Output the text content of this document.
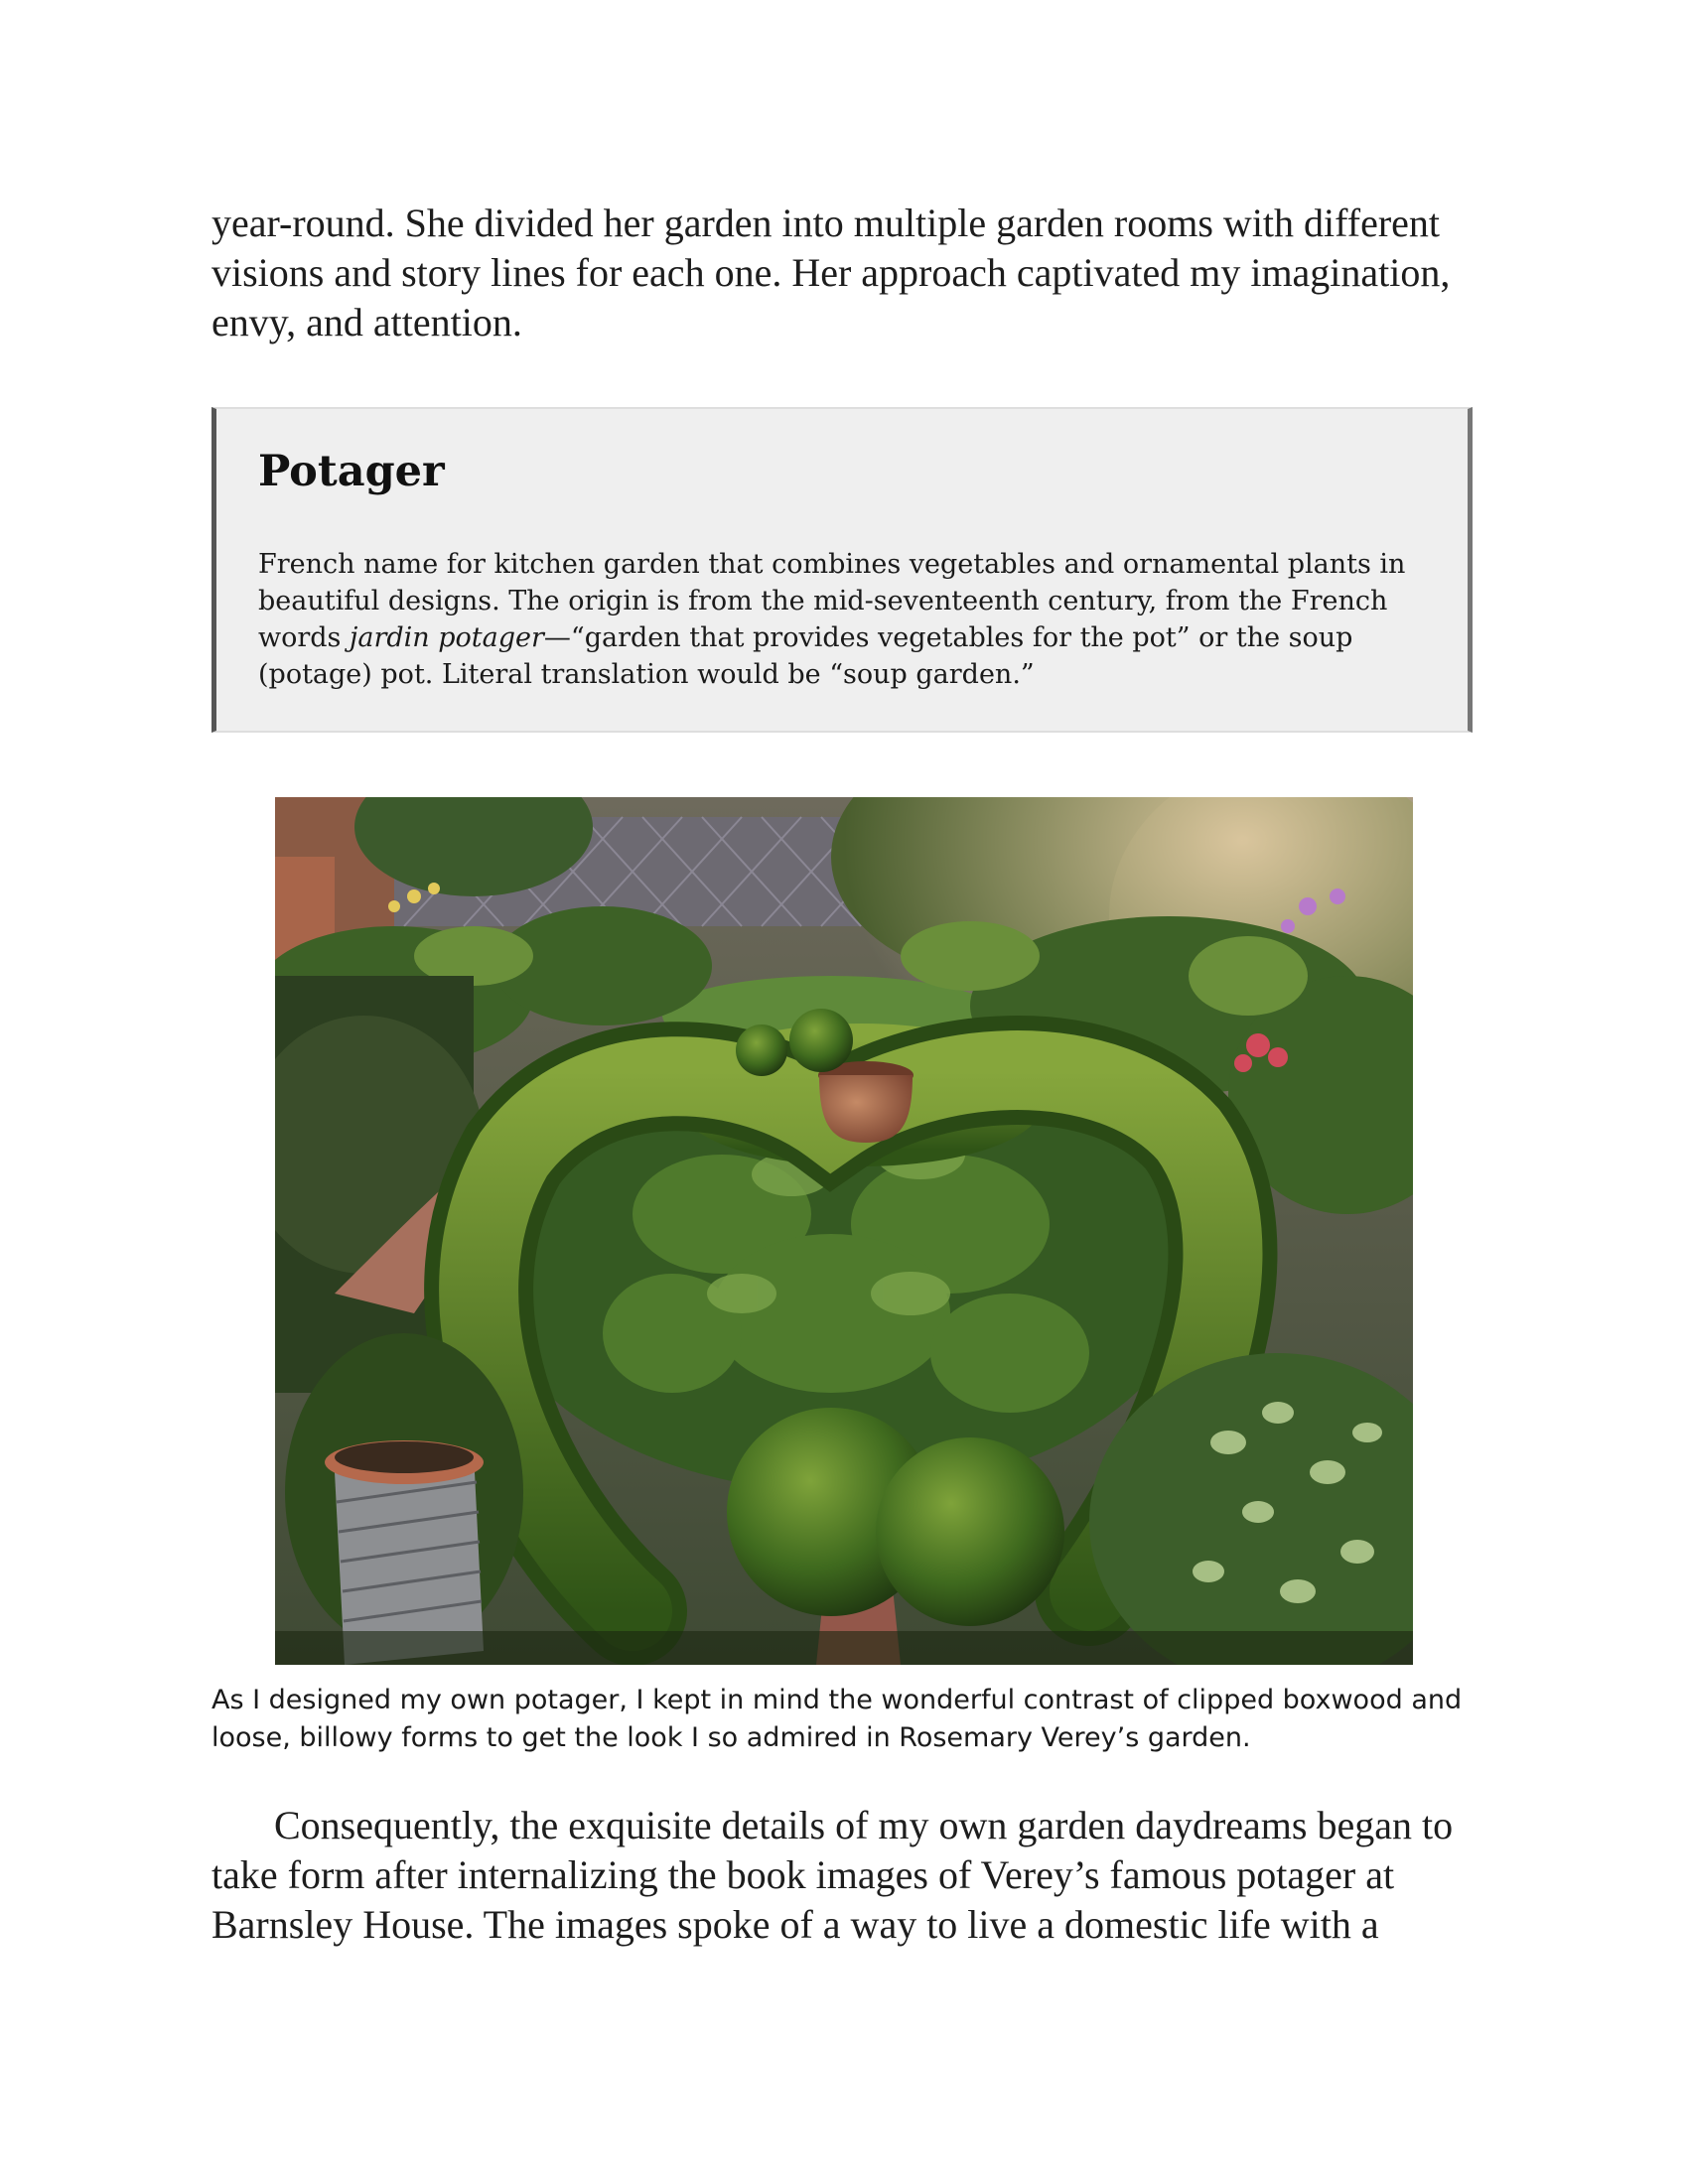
year-round. She divided her garden into multiple garden rooms with different visions and story lines for each one. Her approach captivated my imagination, envy, and attention.

Potager

French name for kitchen garden that combines vegetables and ornamental plants in beautiful designs. The origin is from the mid-seventeenth century, from the French words jardin potager—“garden that provides vegetables for the pot” or the soup (potage) pot. Literal translation would be “soup garden.”

As I designed my own potager, I kept in mind the wonderful contrast of clipped boxwood and loose, billowy forms to get the look I so admired in Rosemary Verey’s garden.

Consequently, the exquisite details of my own garden daydreams began to take form after internalizing the book images of Verey’s famous potager at Barnsley House. The images spoke of a way to live a domestic life with a
